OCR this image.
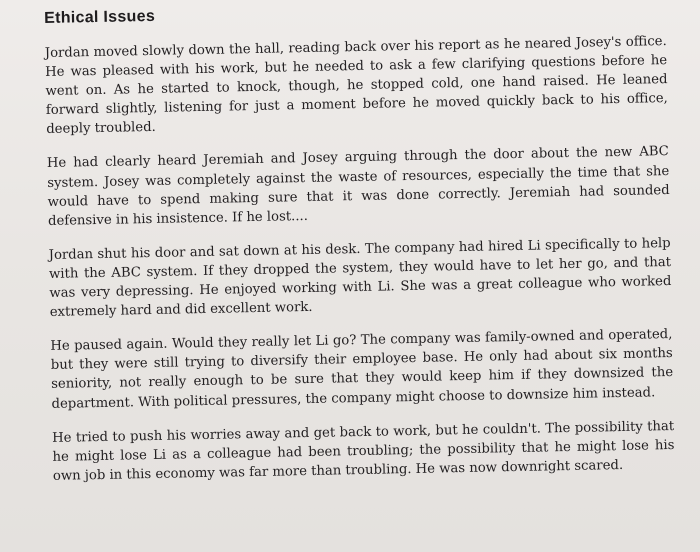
Ethical Issues

Jordan moved slowly down the hall, reading back over his report as he neared Josey's office. He was pleased with his work, but he needed to ask a few clarifying questions before he went on. As he started to knock, though, he stopped cold, one hand raised. He leaned forward slightly, listening for just a moment before he moved quickly back to his office, deeply troubled.

He had clearly heard Jeremiah and Josey arguing through the door about the new ABC system. Josey was completely against the waste of resources, especially the time that she would have to spend making sure that it was done correctly. Jeremiah had sounded defensive in his insistence. If he lost....

Jordan shut his door and sat down at his desk. The company had hired Li specifically to help with the ABC system. If they dropped the system, they would have to let her go, and that was very depressing. He enjoyed working with Li. She was a great colleague who worked extremely hard and did excellent work.

He paused again. Would they really let Li go? The company was family-owned and operated, but they were still trying to diversify their employee base. He only had about six months seniority, not really enough to be sure that they would keep him if they downsized the department. With political pressures, the company might choose to downsize him instead.

He tried to push his worries away and get back to work, but he couldn't. The possibility that he might lose Li as a colleague had been troubling; the possibility that he might lose his own job in this economy was far more than troubling. He was now downright scared.
